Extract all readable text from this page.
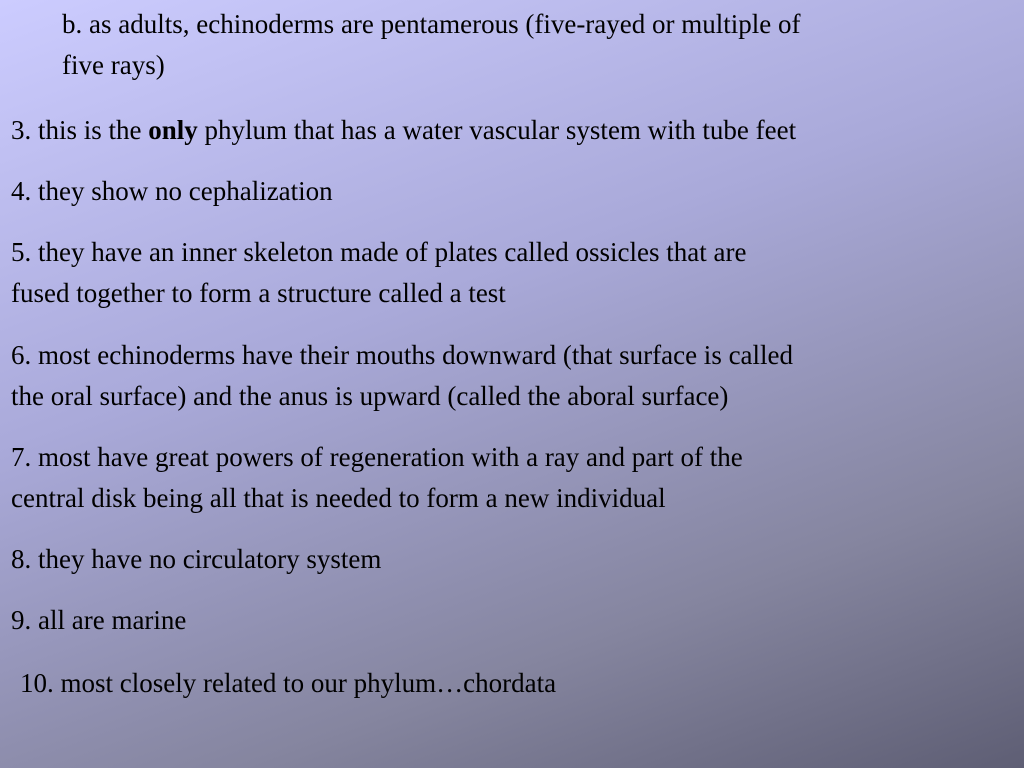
b. as adults, echinoderms are pentamerous (five-rayed or multiple of
five rays)

3. this is the only phylum that has a water vascular system with tube feet

4. they show no cephalization

5. they have an inner skeleton made of plates called ossicles that are
fused together to form a structure called a test

6. most echinoderms have their mouths downward (that surface is called
the oral surface) and the anus is upward (called the aboral surface)

7. most have great powers of regeneration with a ray and part of the
central disk being all that is needed to form a new individual

8. they have no circulatory system

9. all are marine

10. most closely related to our phylum…chordata
